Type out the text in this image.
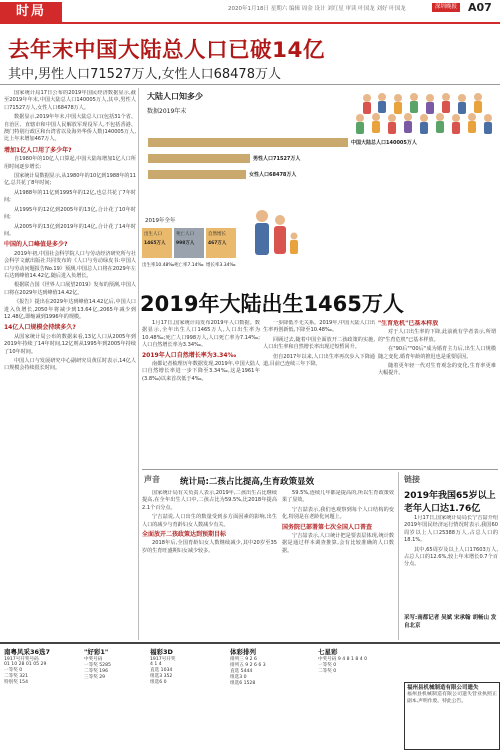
时局	2020年1月18日 星期六 编辑 周金 设计 刘红星 审读 叶国龙 刘好 叶国龙	深圳晚报 A07
去年末中国大陆总人口已破14亿
其中,男性人口71527万人,女性人口68478万人

国家统计局17日公布的2019年国民经济数据显示,截至2019年年末,中国大陆总人口140005万人,其中,男性人口71527万人,女性人口68478万人。

数据显示,2019年年末,中国大陆总人口(包括31个省、自治区、直辖市和中国人民解放军现役军人,不包括香港、澳门特别行政区和台湾省以及海外华侨人数)140005万人,比上年末增加467万人。

增加1亿人口用了多少年?

自1980年的10亿人口算起,中国大陆每增加1亿人口所用时间逐步增长:

国家统计局数据显示,从1980年的10亿到1988年的11亿,总共花了8年时间;

从1988年的11亿到1995年的12亿,也总共花了7年时间;

从1995年的12亿到2005年的13亿,合计花了10年时间;

从2005年的13亿到2019年的14亿,合计花了14年时间。

中国的人口峰值是多少?

2019年初,中国社会科学院人口与劳动经济研究所与社会科学文献出版社共同发布的《人口与劳动绿皮书:中国人口与劳动问题报告No.19》预测,中国总人口将在2029年左右达到峰值14.42亿,随后进入负增长。

根据联合国《世界人口展望2019》发布的预测,中国人口将在2029年达到峰值14.42亿。

《报告》提出在2029年达到峰值14.42亿后,中国人口进入负增长,2050年将减少到13.64亿,2065年减少到12.48亿,即缩减到1996年的规模。

14亿人口规模会持续多久?

从国家统计局公布的数据来看,13亿人口从2005年到2019年持续了14年时间,12亿则从1995年到2005年持续了10年时间。

中国人口与发展研究中心副研究员黄匡时表示,14亿人口规模会持续很长时间。

大陆人口知多少
数据2019年末
中国大陆总人口140005万人
男性人口71527万人
女性人口68478万人
2019年全年
出生人口
1465万人
死亡人口
998万人
自然增长
467万人
出生率10.48‰ 死亡率7.14‰ 增长率3.34‰
2019年大陆出生1465万人

1月17日,国家统计局发布2019年人口数据。数据显示,全年出生人口1465万人,人口出生率为10.48‰;死亡人口998万人,人口死亡率为7.14‰;人口自然增长率为3.34‰。

2019年人口自然增长率为3.34‰

南都记者梳理历年数据发现,2019年,中国大陆人口自然增长率进一步下降至3.34‰,这是1961年(3.8‰)以来首次低于4‰。

一步降低不无关系。2019年,中国大陆人口出生率再创新低,下降至10.48‰。

回顾过去,随着中国全面放开二孩政策的实施,人口出生率和自然增长率出现过短暂回升。

但自2017年以来,人口出生率再次步入下降通道,目前已连续三年下降。

"生育危机"已基本样放

对于人口出生率的下降,此前就有学者表示,所谓的"生育危机"已基本样放。

在"90后""00后"成为婚育主力后,出生人口规模随之变化,婚育年龄的推迟也是重要原因。

随着更年轻一代对生育观念的变化,生育率更难大幅提升。

声音 统计局:二孩占比提高,生育政策显效

国家统计局有关负责人表示,2019年,二孩出生占比继续提高,在全年出生人口中,二孩占比为59.5%,比2018年提高2.1个百分点。

宁吉喆说,人口出生的数量受到多方面因素的影响,出生人口的减少与育龄妇女人数减少有关。

全面放开二孩政策达到预期目标

2018年后,全国育龄妇女人数继续减少,其中20岁至35岁的生育旺盛期妇女减少较多。

59.5%,连续几年都是提高的,所以生育政策效果了显效。

宁吉喆表示,我们也观察到每个人口结构的变化,特别是在老龄化问题上。

国务院已部署第七次全国人口普查

宁吉喆表示,人口统计把是要表层体现,统计数据是通过样本调查推算,会有比较准确的人口数据。

链接
2019年我国65岁以上老年人口达1.76亿

1月17日,国家统计局局长宁吉喆介绍2019年国民经济运行情况时表示,我国60周岁以上人口25388万人,占总人口的18.1%。

其中,65周岁及以上人口17603万人,占总人口的12.6%,较上年末增长0.7个百分点。

采写:南都记者 吴斌 宋承翰 胡畅山 发自北京
南粤风采36选7
1917号开奖号码
01 10 28 01 05 29
一等奖 0
二等奖 321
特别奖 154
"好彩1"
中奖号码
一等奖 5285
二等奖 196
三等奖 29
福彩3D
1917号开奖
4 1 4
直选 1034
组选3 352
组选6 0
体彩排列
排列三 9 2 6
排列五 9 2 6 6 3
直选 5444
组选3 0
组选6 1528
七星彩
中奖号码 9 4 8 1 8 4 0
一等奖 0
二等奖 0
福州县机械制造有限公司遗失
福州县机械制造有限公司遗失营业执照正副本,声明作废。特此公告。
